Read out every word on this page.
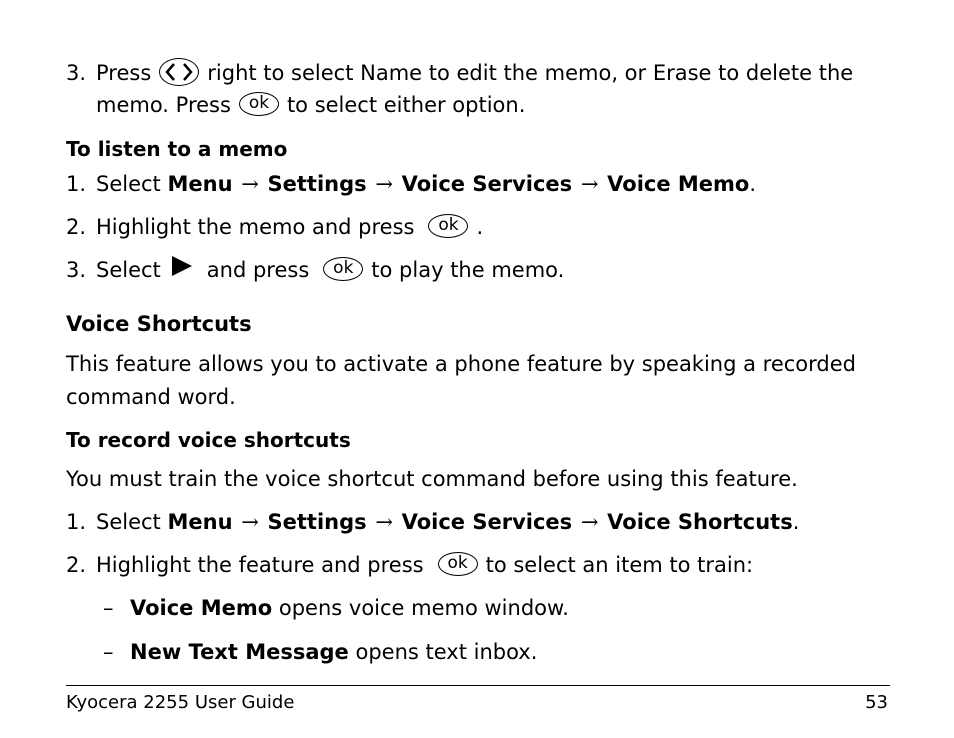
3. Press	right to select Name to edit the memo, or Erase to delete the
memo. Press ok to select either option.
To listen to a memo
1. Select Menu → Settings → Voice Services → Voice Memo.
2. Highlight the memo and press ok .
3. Select and press ok to play the memo.
Voice Shortcuts
This feature allows you to activate a phone feature by speaking a recorded
command word.
To record voice shortcuts
You must train the voice shortcut command before using this feature.
1. Select Menu → Settings → Voice Services → Voice Shortcuts.
2. Highlight the feature and press ok to select an item to train:
– Voice Memo opens voice memo window.
– New Text Message opens text inbox.
Kyocera 2255 User Guide	53
